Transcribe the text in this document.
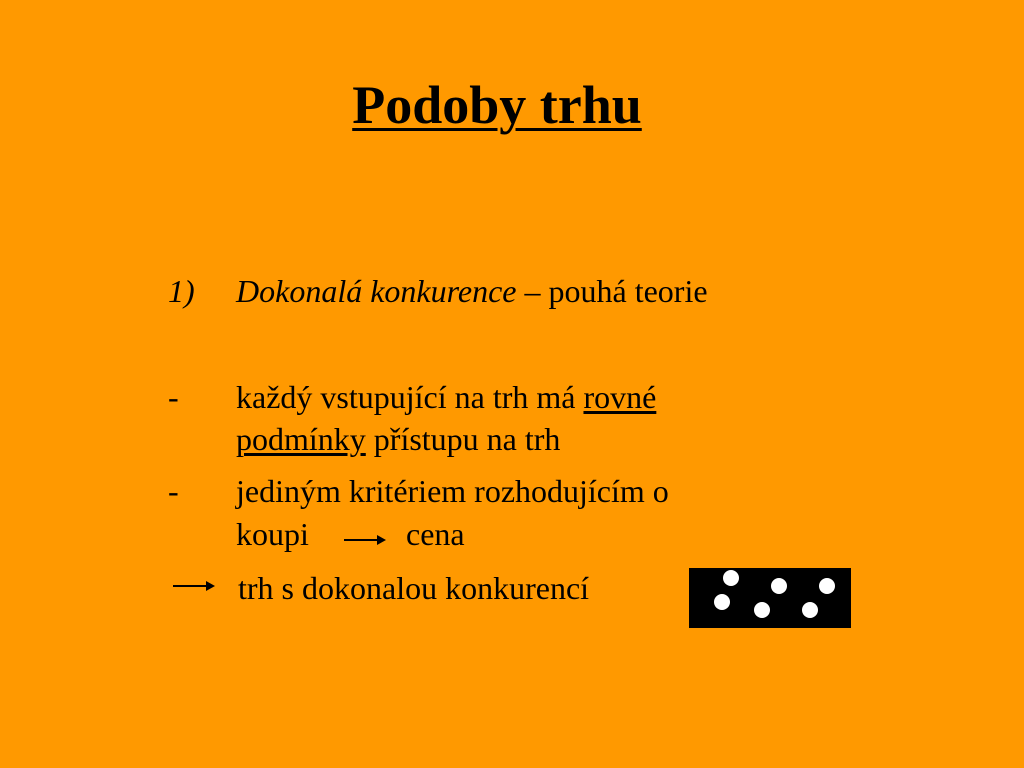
Podoby trhu
1) Dokonalá konkurence – pouhá teorie
- každý vstupující na trh má rovné
podmínky přístupu na trh
- jediným kritériem rozhodujícím o
koupi	cena
trh s dokonalou konkurencí
